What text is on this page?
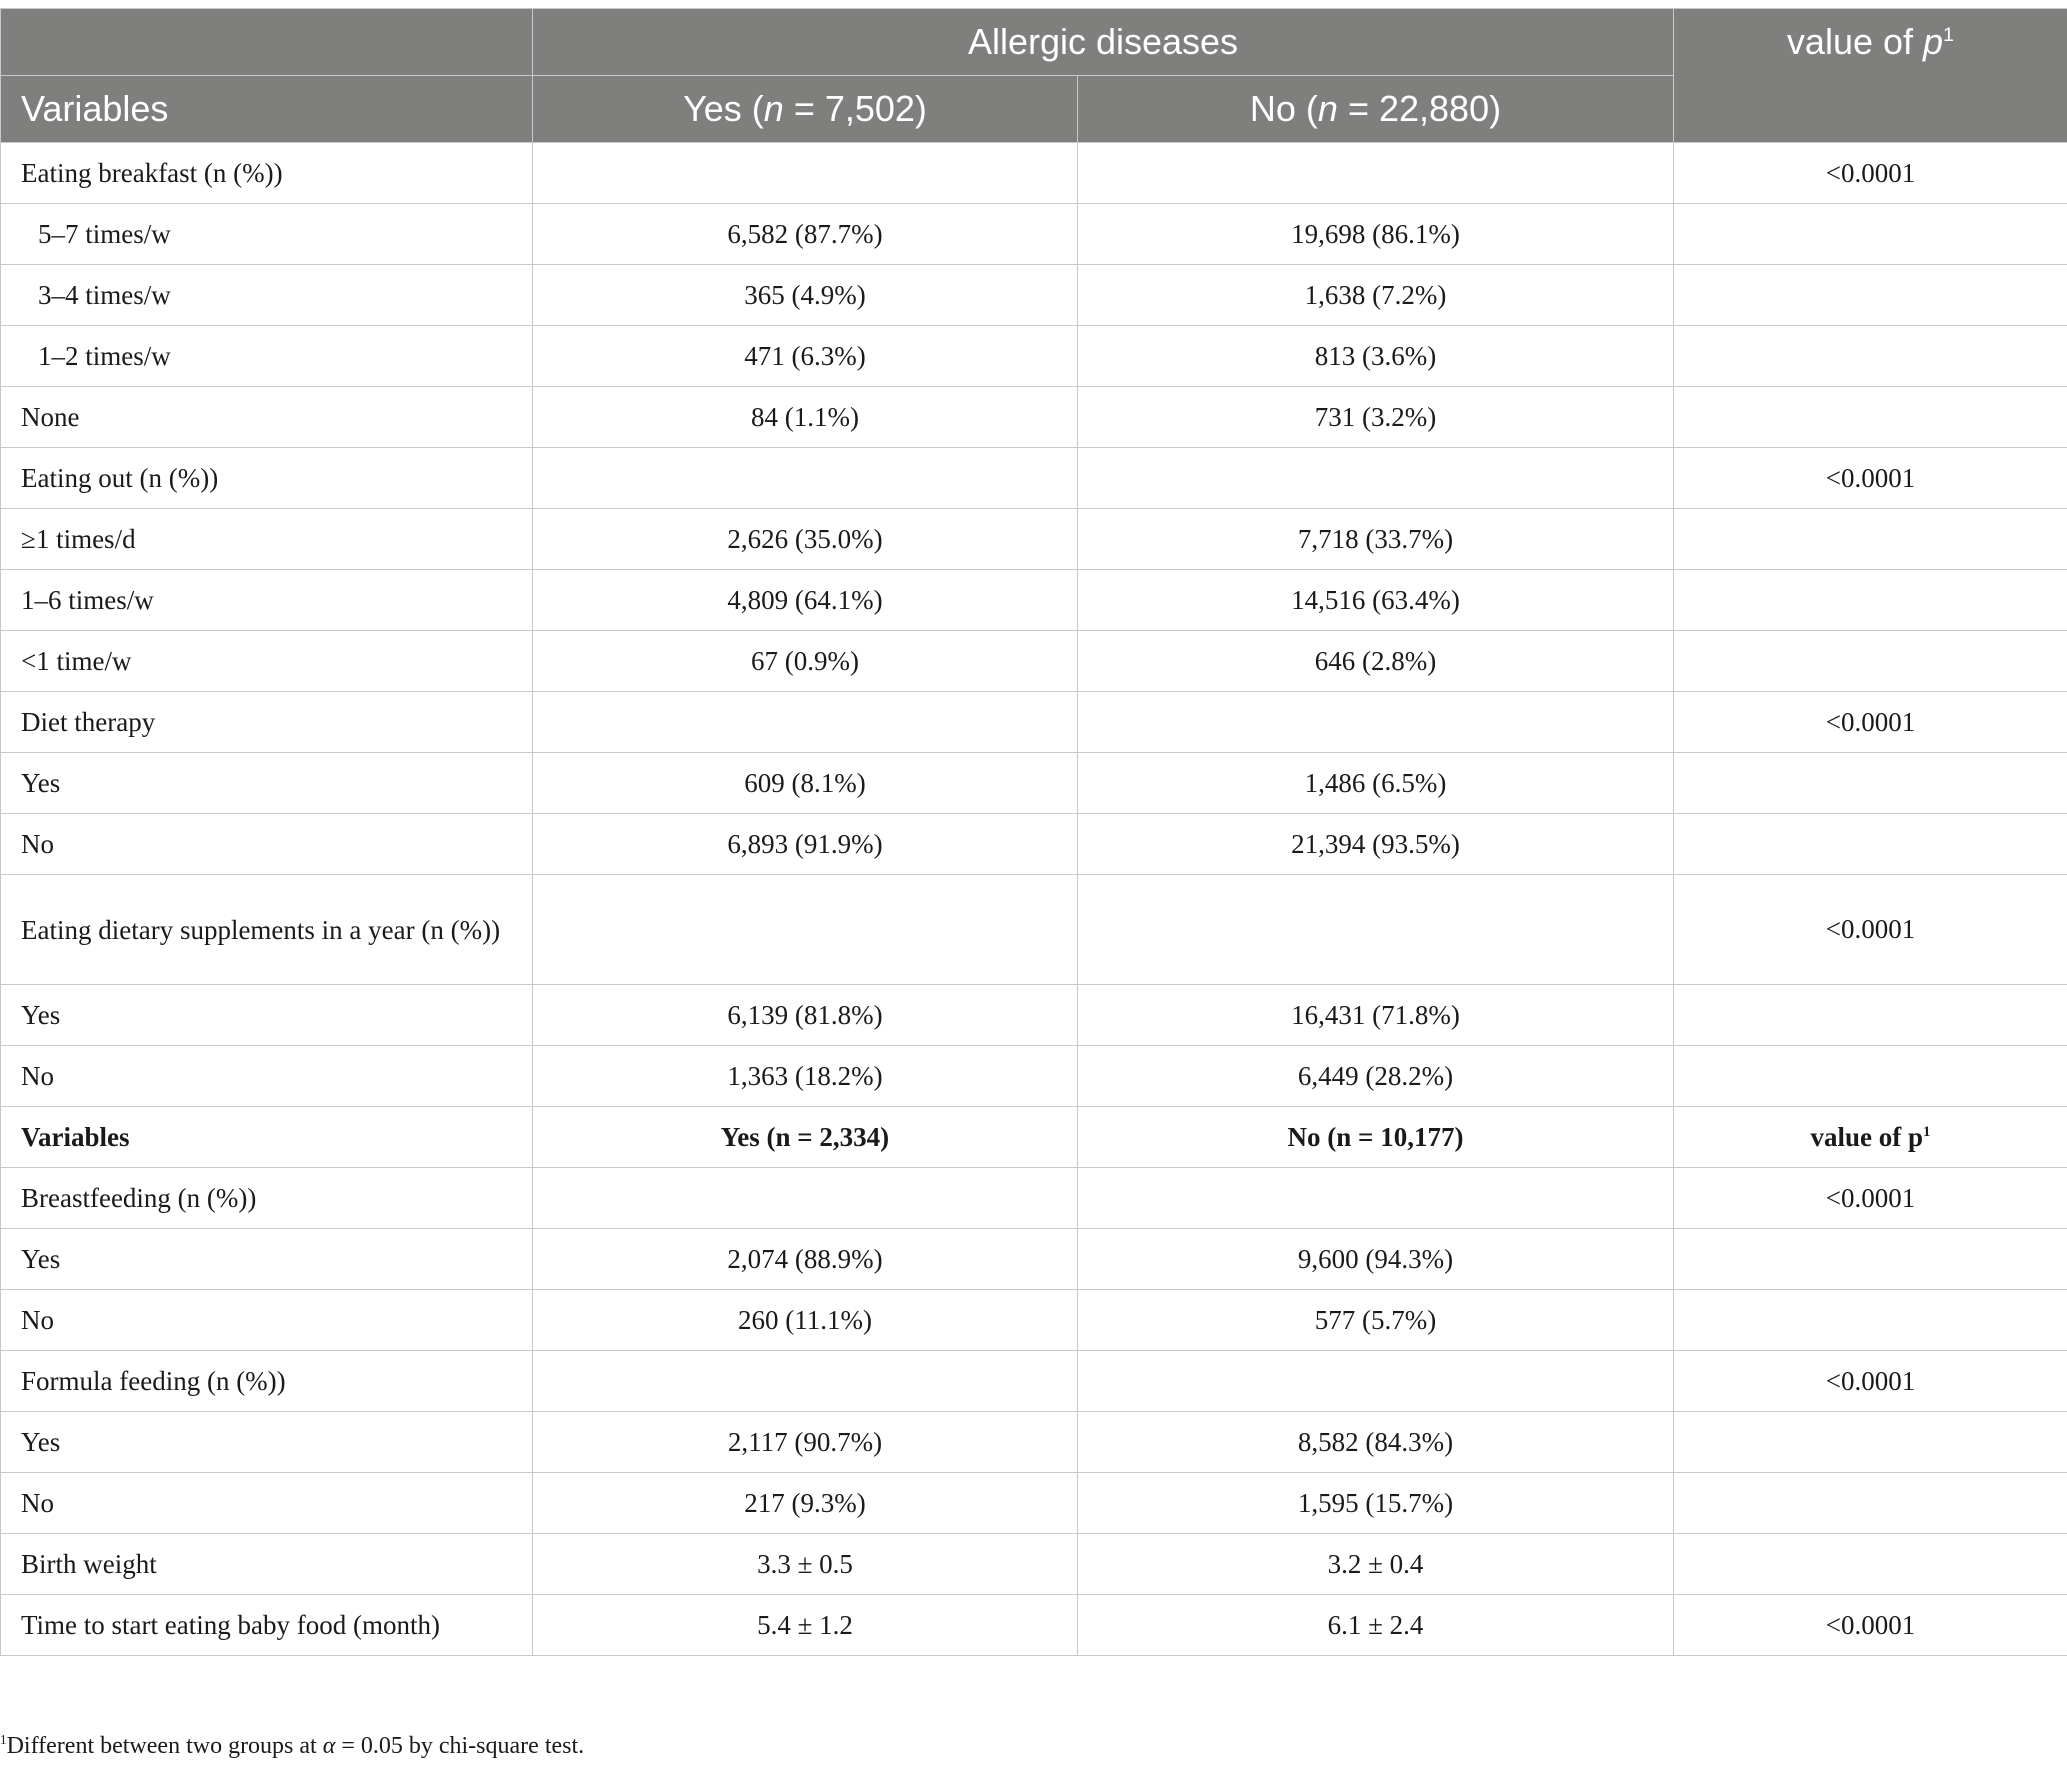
	Allergic diseases		value of $p^1$
Variables	Yes (n = 7,502)	No (n = 22,880)	
Eating breakfast (n (%))			<0.0001
5–7 times/w	6,582 (87.7%)	19,698 (86.1%)	
3–4 times/w	365 (4.9%)	1,638 (7.2%)	
1–2 times/w	471 (6.3%)	813 (3.6%)	
None	84 (1.1%)	731 (3.2%)	
Eating out (n (%))			<0.0001
≥1 times/d	2,626 (35.0%)	7,718 (33.7%)	
1–6 times/w	4,809 (64.1%)	14,516 (63.4%)	
<1 time/w	67 (0.9%)	646 (2.8%)	
Diet therapy			<0.0001
Yes	609 (8.1%)	1,486 (6.5%)	
No	6,893 (91.9%)	21,394 (93.5%)	
Eating dietary supplements in a year (n (%))			<0.0001
Yes	6,139 (81.8%)	16,431 (71.8%)	
No	1,363 (18.2%)	6,449 (28.2%)	
Variables	Yes (n = 2,334)	No (n = 10,177)	value of $p^1$
Breastfeeding (n (%))			<0.0001
Yes	2,074 (88.9%)	9,600 (94.3%)	
No	260 (11.1%)	577 (5.7%)	
Formula feeding (n (%))			<0.0001
Yes	2,117 (90.7%)	8,582 (84.3%)	
No	217 (9.3%)	1,595 (15.7%)	
Birth weight	3.3 ± 0.5	3.2 ± 0.4	
Time to start eating baby food (month)	5.4 ± 1.2	6.1 ± 2.4	<0.0001
$^1$Different between two groups at α = 0.05 by chi-square test.
